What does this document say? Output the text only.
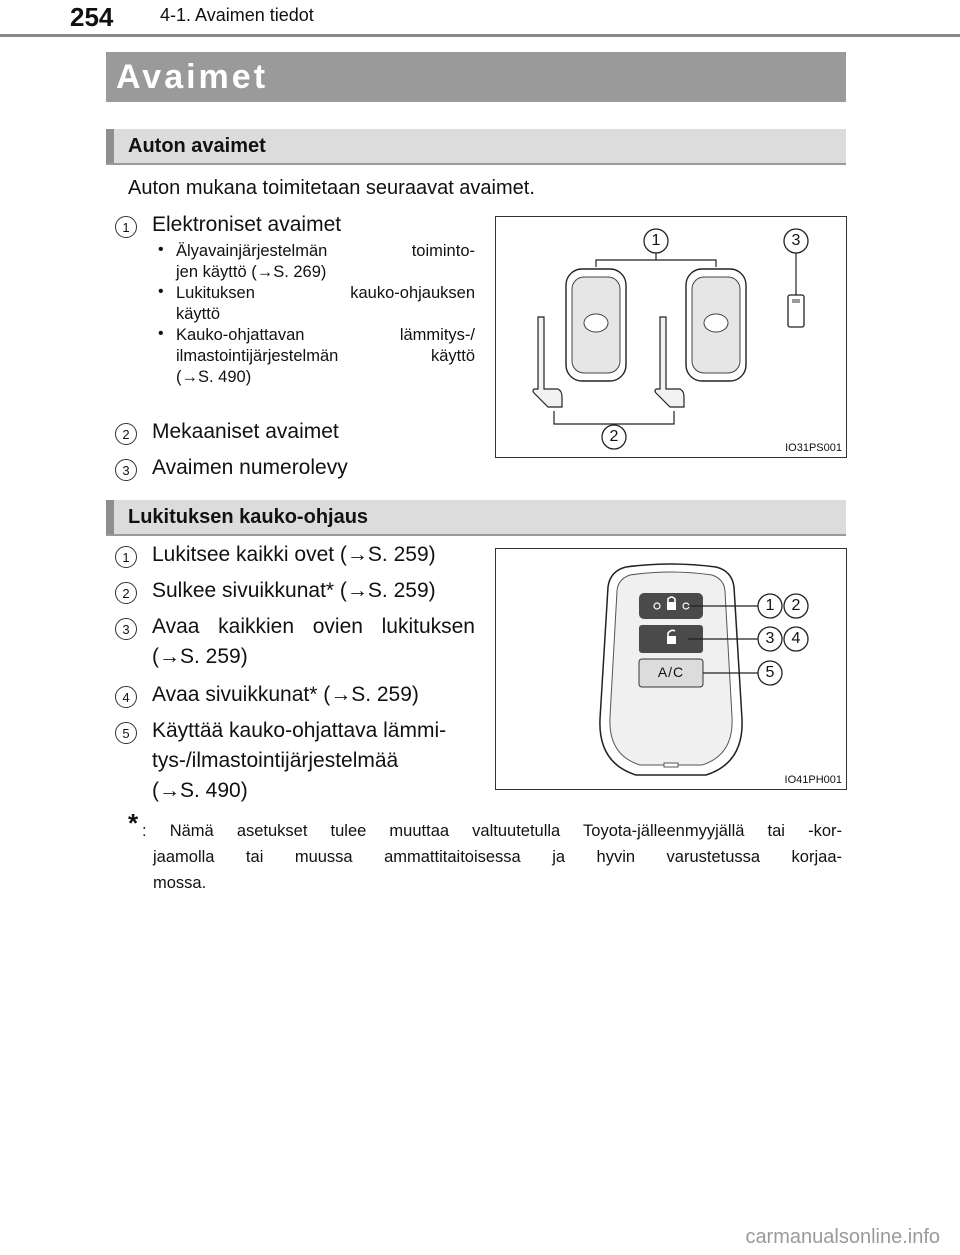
254	4-1. Avaimen tiedot
Avaimet
Auton avaimet
Auton mukana toimitetaan seuraavat avaimet.
1	Elektroniset avaimet
• Älyavainjärjestelmän toiminto-
jen käyttö (→S. 269)
• Lukituksen kauko-ohjauksen
käyttö
• Kauko-ohjattavan lämmitys-/
ilmastointijärjestelmän käyttö
(→S. 490)
2	Mekaaniset avaimet
3	Avaimen numerolevy
1
2
3
IO31PS001
Lukituksen kauko-ohjaus
1	Lukitsee kaikki ovet (→S. 259)
2	Sulkee sivuikkunat* (→S. 259)
3	Avaa kaikkien ovien lukituksen
(→S. 259)
4	Avaa sivuikkunat* (→S. 259)
5	Käyttää kauko-ohjattava lämmi-
tys-/ilmastointijärjestelmää
(→S. 490)
A/C
1 2
3 4
5
IO41PH001
* : Nämä asetukset tulee muuttaa valtuutetulla Toyota-jälleenmyyjällä tai -kor-
jaamolla tai muussa ammattitaitoisessa ja hyvin varustetussa korjaa-
mossa.
carmanualsonline.info
